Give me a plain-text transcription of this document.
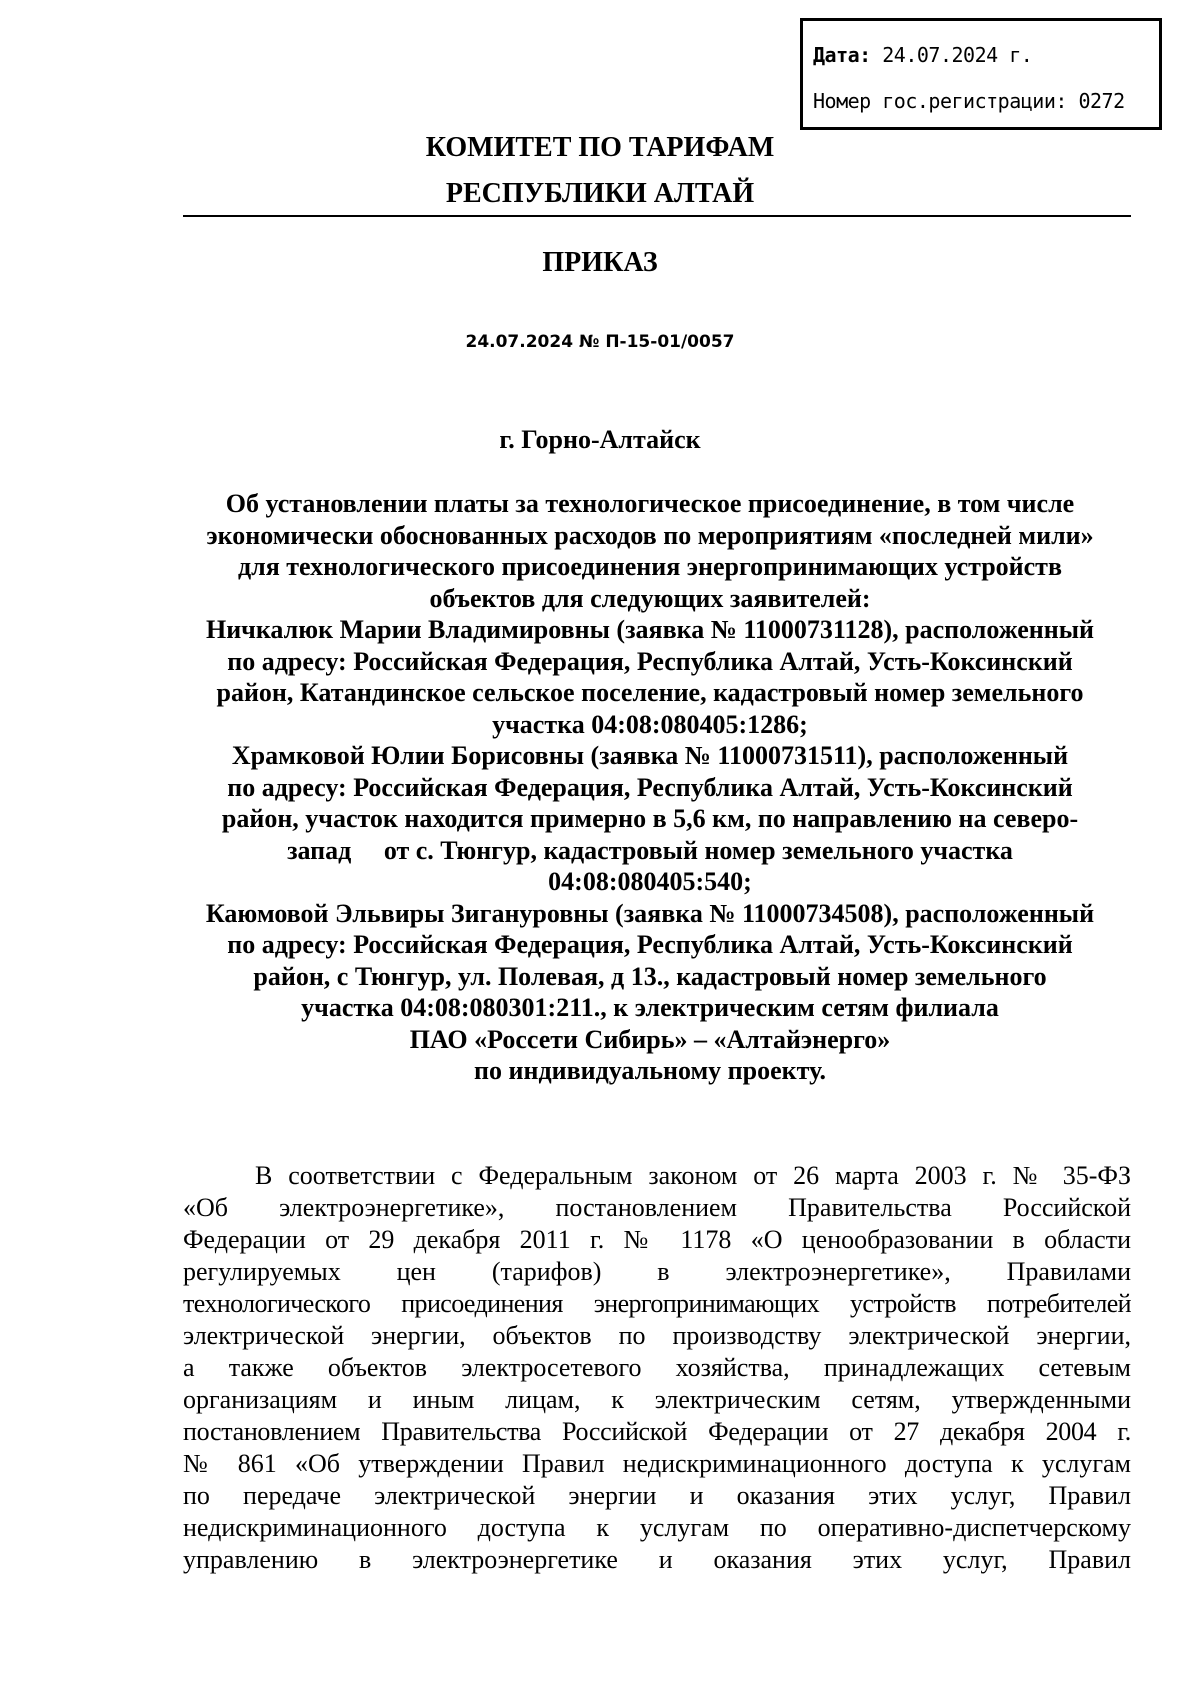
Дата: 24.07.2024 г.
Номер гос.регистрации: 0272
КОМИТЕТ ПО ТАРИФАМ
РЕСПУБЛИКИ АЛТАЙ
ПРИКАЗ
24.07.2024 № П-15-01/0057
г. Горно-Алтайск
Об установлении платы за технологическое присоединение, в том числе
экономически обоснованных расходов по мероприятиям «последней мили»
для технологического присоединения энергопринимающих устройств
объектов для следующих заявителей:
Ничкалюк Марии Владимировны (заявка № 11000731128), расположенный
по адресу: Российская Федерация, Республика Алтай, Усть-Коксинский
район, Катандинское сельское поселение, кадастровый номер земельного
участка 04:08:080405:1286;
Храмковой Юлии Борисовны (заявка № 11000731511), расположенный
по адресу: Российская Федерация, Республика Алтай, Усть-Коксинский
район, участок находится примерно в 5,6 км, по направлению на северо-
запад     от с. Тюнгур, кадастровый номер земельного участка
04:08:080405:540;
Каюмовой Эльвиры Зигануровны (заявка № 11000734508), расположенный
по адресу: Российская Федерация, Республика Алтай, Усть-Коксинский
район, с Тюнгур, ул. Полевая, д 13., кадастровый номер земельного
участка 04:08:080301:211., к электрическим сетям филиала
ПАО «Россети Сибирь» – «Алтайэнерго»
по индивидуальному проекту.
В соответствии с Федеральным законом от 26 марта 2003 г. № 35-ФЗ
«Об электроэнергетике», постановлением Правительства Российской
Федерации от 29 декабря 2011 г. № 1178 «О ценообразовании в области
регулируемых цен (тарифов) в электроэнергетике», Правилами
технологического присоединения энергопринимающих устройств потребителей
электрической энергии, объектов по производству электрической энергии,
а также объектов электросетевого хозяйства, принадлежащих сетевым
организациям и иным лицам, к электрическим сетям, утвержденными
постановлением Правительства Российской Федерации от 27 декабря 2004 г.
№ 861 «Об утверждении Правил недискриминационного доступа к услугам
по передаче электрической энергии и оказания этих услуг, Правил
недискриминационного доступа к услугам по оперативно-диспетчерскому
управлению в электроэнергетике и оказания этих услуг, Правил
